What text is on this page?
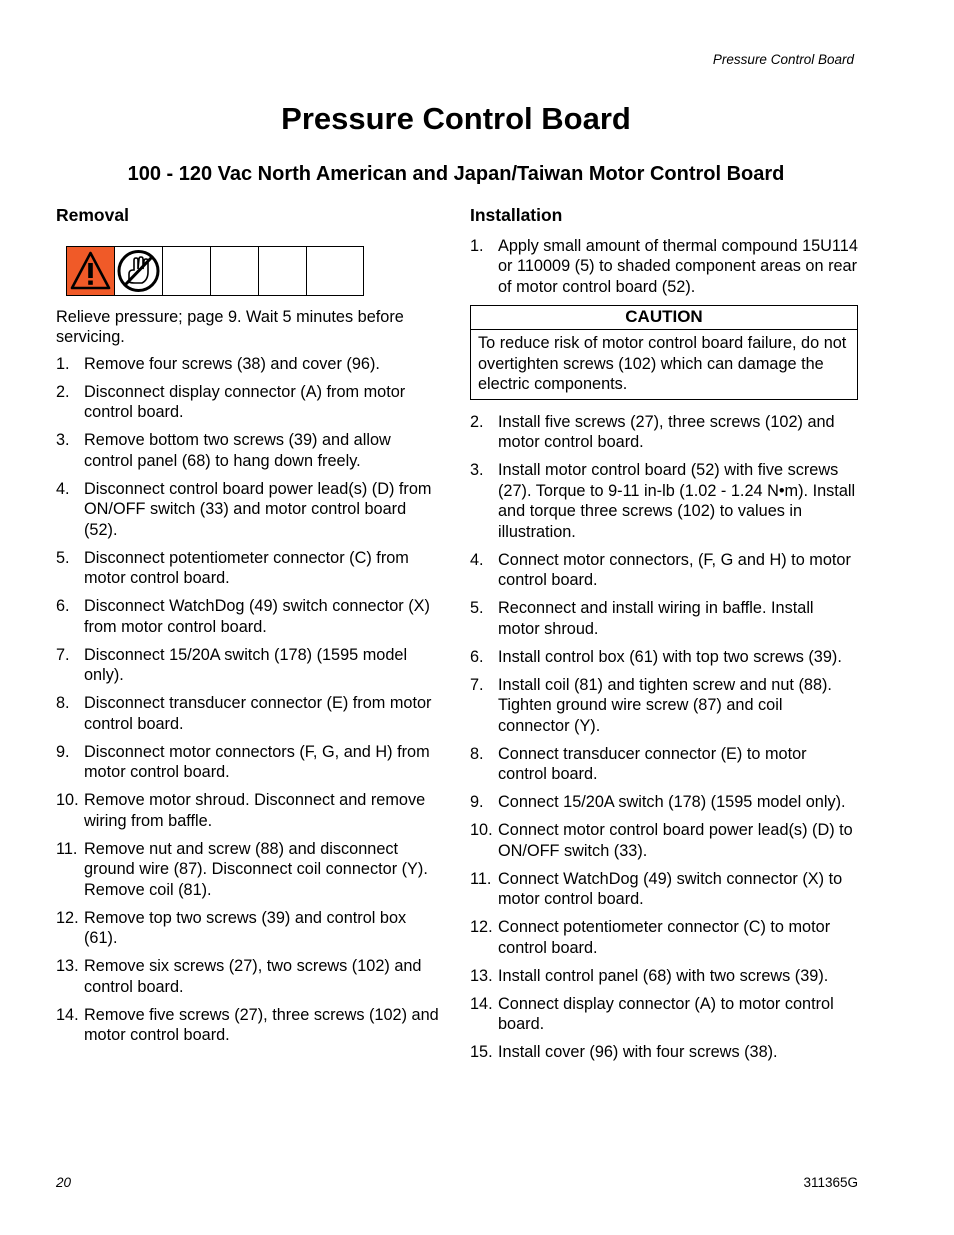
Pressure Control Board
Pressure Control Board
100 - 120 Vac North American and Japan/Taiwan Motor Control Board
Removal

Relieve pressure; page 9. Wait 5 minutes before servicing.

1. Remove four screws (38) and cover (96).
2. Disconnect display connector (A) from motor control board.
3. Remove bottom two screws (39) and allow control panel (68) to hang down freely.
4. Disconnect control board power lead(s) (D) from ON/OFF switch (33) and motor control board (52).
5. Disconnect potentiometer connector (C) from motor control board.
6. Disconnect WatchDog (49) switch connector (X) from motor control board.
7. Disconnect 15/20A switch (178) (1595 model only).
8. Disconnect transducer connector (E) from motor control board.
9. Disconnect motor connectors (F, G, and H) from motor control board.
10. Remove motor shroud. Disconnect and remove wiring from baffle.
11. Remove nut and screw (88) and disconnect ground wire (87). Disconnect coil connector (Y). Remove coil (81).
12. Remove top two screws (39) and control box (61).
13. Remove six screws (27), two screws (102) and control board.
14. Remove five screws (27), three screws (102) and motor control board.
Installation
1. Apply small amount of thermal compound 15U114 or 110009 (5) to shaded component areas on rear of motor control board (52).
CAUTION
To reduce risk of motor control board failure, do not overtighten screws (102) which can damage the electric components.
2. Install five screws (27), three screws (102) and motor control board.
3. Install motor control board (52) with five screws (27). Torque to 9-11 in-lb (1.02 - 1.24 N•m). Install and torque three screws (102) to values in illustration.
4. Connect motor connectors, (F, G and H) to motor control board.
5. Reconnect and install wiring in baffle. Install motor shroud.
6. Install control box (61) with top two screws (39).
7. Install coil (81) and tighten screw and nut (88). Tighten ground wire screw (87) and coil connector (Y).
8. Connect transducer connector (E) to motor control board.
9. Connect 15/20A switch (178) (1595 model only).
10. Connect motor control board power lead(s) (D) to ON/OFF switch (33).
11. Connect WatchDog (49) switch connector (X) to motor control board.
12. Connect potentiometer connector (C) to motor control board.
13. Install control panel (68) with two screws (39).
14. Connect display connector (A) to motor control board.
15. Install cover (96) with four screws (38).
20	311365G
